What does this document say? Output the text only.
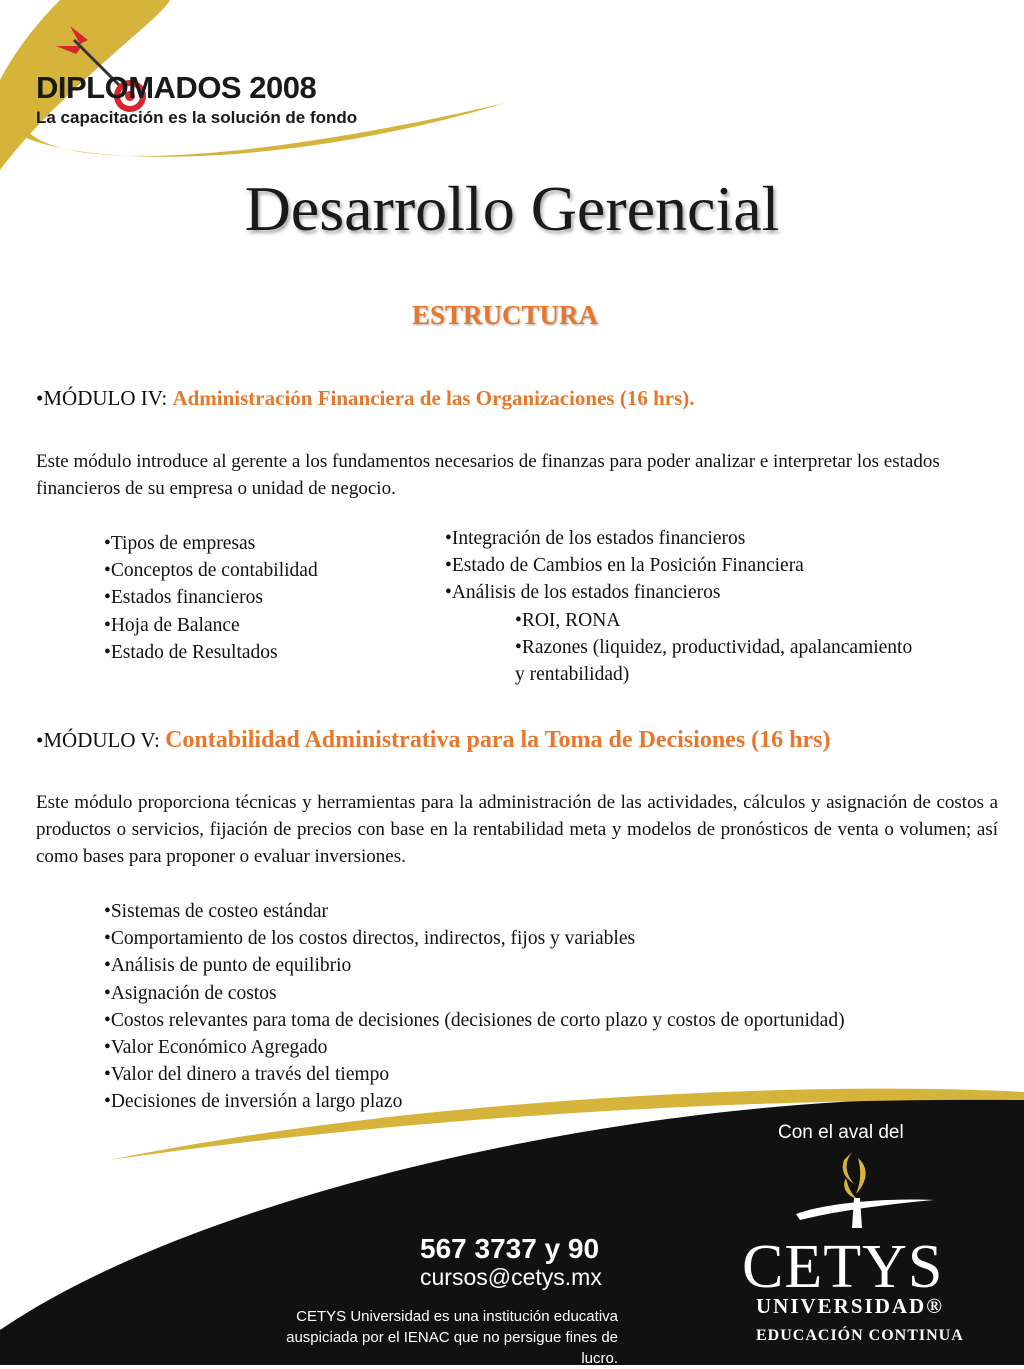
DIPLOMADOS 2008
La capacitación es la solución de fondo
Desarrollo Gerencial
ESTRUCTURA
•MÓDULO IV: Administración Financiera de las Organizaciones (16 hrs).
Este módulo introduce al gerente a los fundamentos necesarios de finanzas para poder analizar e interpretar los estados financieros de su empresa o unidad de negocio.
•Tipos de empresas
•Conceptos de contabilidad
•Estados financieros
•Hoja de Balance
•Estado de Resultados
•Integración de los estados financieros
•Estado de Cambios en la Posición Financiera
•Análisis de los estados financieros
•ROI, RONA
•Razones (liquidez, productividad, apalancamiento
y rentabilidad)
•MÓDULO V: Contabilidad Administrativa para la Toma de Decisiones (16 hrs)
Este módulo proporciona técnicas y herramientas para la administración de las actividades, cálculos y asignación de costos a productos o servicios, fijación de precios con base en la rentabilidad meta y modelos de pronósticos de venta o volumen; así como bases para proponer o evaluar inversiones.
•Sistemas de costeo estándar
•Comportamiento de los costos directos, indirectos, fijos y variables
•Análisis de punto de equilibrio
•Asignación de costos
•Costos relevantes para toma de decisiones (decisiones de corto plazo y costos de oportunidad)
•Valor Económico Agregado
•Valor del dinero a través del tiempo
•Decisiones de inversión a largo plazo
Con el aval del
567 3737 y 90
cursos@cetys.mx
CETYS Universidad es una institución educativa auspiciada por el IENAC que no persigue fines de lucro.
CETYS
UNIVERSIDAD®
EDUCACIÓN CONTINUA
